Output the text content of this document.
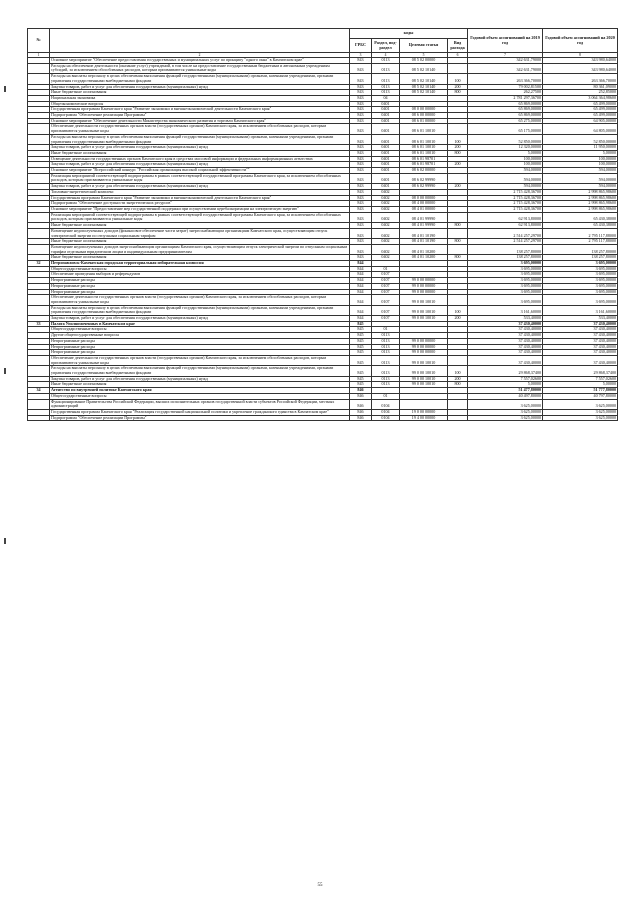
№		коды				Годовой объем ассигнований на 2019 год	Годовой объем ассигнований на 2020 год
		ГРБС	Раздел, под-раздел	Целевая статья	Вид расхода		
1	2	3	4	5	6	7	8
	Основное мероприятие "Обеспечение предоставления государственных и муниципальных услуг по принципу "одного окна" в Камчатском крае"	843	0113	08 5 02 00000		342 631,79000	343 980,64000
	Расходы на обеспечение деятельности (оказание услуг) учреждений, в том числе на предоставление государственным бюджетным и автономным учреждениям субсидий, за исключением обособленных расходов, которым присваиваются уникальные коды	843	0113	08 5 02 10140		342 631,79000	343 980,64000
	Расходы на выплаты персоналу в целях обеспечения выполнения функций государственными (муниципальными) органами, казенными учреждениями, органами управления государственными внебюджетными фондами	843	0113	08 5 02 10140	100	263 366,70000	263 366,70000
	Закупка товаров, работ и услуг для обеспечения государственных (муниципальных) нужд	843	0113	08 5 02 10140	200	79 002,81500	80 361,09000
	Иные бюджетные ассигнования	843	0113	08 5 02 10140	800	262,27500	252,85000
	Национальная экономика	843	04			2 781 297,36700	3 064 364,98600
	Общеэкономические вопросы	843	0401			65 869,00000	65 499,00000
	Государственная программа Камчатского края "Развитие экономики и внешнеэкономической деятельности Камчатского края"	843	0401	08 0 00 00000		65 869,00000	65 499,00000
	Подпрограмма "Обеспечение реализации Программы"	843	0401	08 6 00 00000		65 869,00000	65 499,00000
	Основное мероприятие "Обеспечение деятельности Министерства экономического развития и торговли Камчатского края"	843	0401	08 6 01 00000		65 275,00000	64 905,00000
	Обеспечение деятельности государственных органов власти (государственных органов) Камчатского края, за исключением обособленных расходов, которым присваиваются уникальные коды	843	0401	08 6 01 10010		65 175,00000	64 805,00000
	Расходы на выплаты персоналу в целях обеспечения выполнения функций государственными (муниципальными) органами, казенными учреждениями, органами управления государственными внебюджетными фондами	843	0401	08 6 01 10010	100	52 850,00000	52 850,00000
	Закупка товаров, работ и услуг для обеспечения государственных (муниципальных) нужд	843	0401	08 6 01 10010	200	12 320,00000	11 950,00000
	Иные бюджетные ассигнования	843	0401	08 6 01 10010	800	5,00000	5,00000
	Освещение деятельности государственных органов Камчатского края в средствах массовой информации и федеральных информационных агентствах	843	0401	08 6 01 98701		100,00000	100,00000
	Закупка товаров, работ и услуг для обеспечения государственных (муниципальных) нужд	843	0401	08 6 01 98701	200	100,00000	100,00000
	Основное мероприятие "Всероссийский конкурс "Российская организация высокой социальной эффективности""	843	0401	08 6 02 00000		594,00000	594,00000
	Реализация мероприятий соответствующей подпрограммы в рамках соответствующей государственной программы Камчатского края, за исключением обособленных расходов, которым присваиваются уникальные коды	843	0401	08 6 02 99990		594,00000	594,00000
	Закупка товаров, работ и услуг для обеспечения государственных (муниципальных) нужд	843	0401	08 6 02 99990	200	594,00000	594,00000
	Топливно-энергетический комплекс	843	0402			2 715 428,36700	2 998 865,98600
	Государственная программа Камчатского края "Развитие экономики и внешнеэкономической деятельности Камчатского края"	843	0402	08 0 00 00000		2 715 428,36700	2 998 865,98600
	Подпрограмма "Обеспечение доступности энергетических ресурсов"	843	0402	08 4 00 00000		2 715 428,36700	2 998 865,98600
	Основное мероприятие "Предоставление мер государственной поддержки при осуществлении церебалкоризации на электрическую энергию"	843	0402	08 4 01 00000		2 715 428,36700	2 998 865,98600
	Реализация мероприятий соответствующей подпрограммы в рамках соответствующей государственной программы Камчатского края, за исключением обособленных расходов, которым присваиваются уникальные коды	843	0402	08 4 01 99990		62 913,80000	65 430,38000
	Иные бюджетные ассигнования	843	0402	08 4 01 99990	800	62 913,80000	65 430,38000
	Возмещение недополученных доходов (финансовое обеспечение части затрат) энергоснабжающим организациям Камчатского края, осуществляющим отпуск электрической энергии по отпускным социальным тарифам	843	0402	08 4 01 10190		2 514 257,29700	2 795 117,88000
	Иные бюджетные ассигнования	843	0402	08 4 01 10190	800	2 514 257,29700	2 795 117,88000
	Возмещение недополученных доходов энергоснабжающим организациям Камчатского края, осуществляющим отпуск электрической энергии по отпускным социальным тарифам отдельным юридическим лицам и индивидуальным предпринимателям	843	0402	08 4 01 10200		138 257,80000	138 257,80000
	Иные бюджетные ассигнования	843	0402	08 4 01 10200	800	138 257,80000	138 257,80000
32	Петропавловск-Камчатская городская территориальная избирательная комиссия	844				3 695,00000	3 695,00000
	Общегосударственные вопросы	844	01			3 695,00000	3 695,00000
	Обеспечение проведения выборов и референдумов	844	0107			3 695,00000	3 695,00000
	Непрограммные расходы	844	0107	99 0 00 00000		3 695,00000	3 695,00000
	Непрограммные расходы	844	0107	99 0 00 00000		3 695,00000	3 695,00000
	Непрограммные расходы	844	0107	99 0 00 00000		3 695,00000	3 695,00000
	Обеспечение деятельности государственных органов власти (государственных органов) Камчатского края, за исключением обособленных расходов, которым присваиваются уникальные коды	844	0107	99 0 00 10010		3 695,00000	3 695,00000
	Расходы на выплаты персоналу в целях обеспечения выполнения функций государственными (муниципальными) органами, казенными учреждениями, органами управления государственными внебюджетными фондами	844	0107	99 0 00 10010	100	3 161,60000	3 161,60000
	Закупка товаров, работ и услуг для обеспечения государственных (муниципальных) нужд	844	0107	99 0 00 10010	200	533,40000	533,40000
33	Палата Уполномоченных в Камчатском крае	845				37 430,40000	37 430,40000
	Общегосударственные вопросы	845	01			37 430,40000	37 430,40000
	Другие общегосударственные вопросы	845	0113			37 430,40000	37 430,40000
	Непрограммные расходы	845	0113	99 0 00 00000		37 430,40000	37 430,40000
	Непрограммные расходы	845	0113	99 0 00 00000		37 430,40000	37 430,40000
	Непрограммные расходы	845	0113	99 0 00 00000		37 430,40000	37 430,40000
	Обеспечение деятельности государственных органов власти (государственных органов) Камчатского края, за исключением обособленных расходов, которым присваиваются уникальные коды	845	0113	99 0 00 10010		37 430,40000	37 430,40000
	Расходы на выплаты персоналу в целях обеспечения выполнения функций государственными (муниципальными) органами, казенными учреждениями, органами управления государственными внебюджетными фондами	845	0113	99 0 00 10010	100	29 868,37400	29 868,37400
	Закупка товаров, работ и услуг для обеспечения государственных (муниципальных) нужд	845	0113	99 0 00 10010	200	7 557,02600	7 557,02600
	Иные бюджетные ассигнования	845	0113	99 0 00 10010	800	5,00000	5,00000
34	Агентство по внутренней политике Камчатского края	846				51 477,80000	51 777,80000
	Общегосударственные вопросы	846	01			40 497,80000	40 797,80000
	Функционирование Правительства Российской Федерации, высших исполнительных органов государственной власти субъектов Российской Федерации, местных администраций	846	0104			3 625,00000	3 625,00000
	Государственная программа Камчатского края "Реализация государственной национальной политики и укрепление гражданского единства в Камчатском крае"	846	0104	19 0 00 00000		3 625,00000	3 625,00000
	Подпрограмма "Обеспечение реализации Программы"	846	0104	19 4 00 00000		3 625,00000	3 625,00000
55
